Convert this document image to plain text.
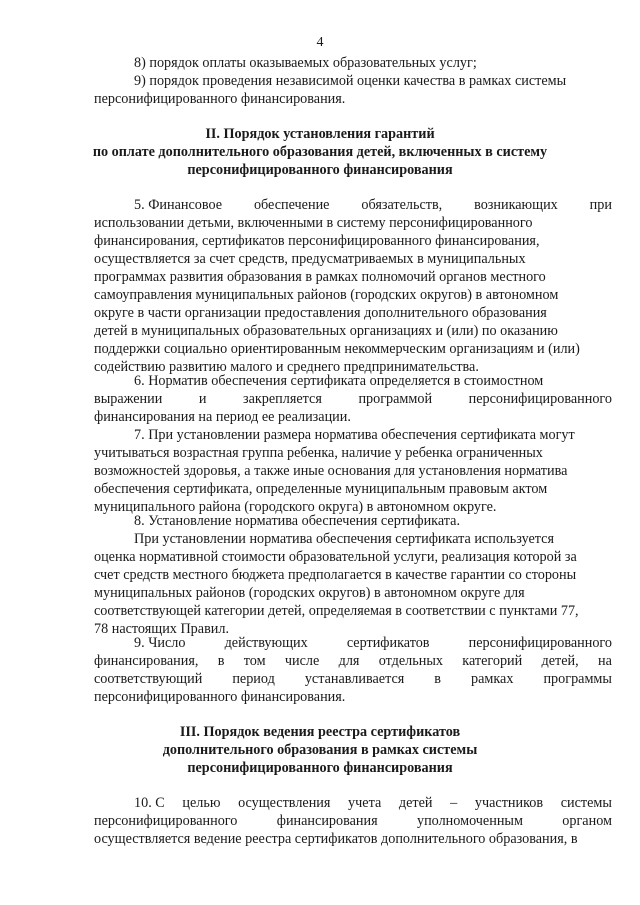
4
8) порядок оплаты оказываемых образовательных услуг;
9) порядок проведения независимой оценки качества в рамках системы
персонифицированного финансирования.
II. Порядок установления гарантий
по оплате дополнительного образования детей, включенных в систему
персонифицированного финансирования
5. Финансовое обеспечение обязательств, возникающих при
использовании детьми, включенными в систему персонифицированного
финансирования, сертификатов персонифицированного финансирования,
осуществляется за счет средств, предусматриваемых в муниципальных
программах развития образования в рамках полномочий органов местного
самоуправления муниципальных районов (городских округов) в автономном
округе в части организации предоставления дополнительного образования
детей в муниципальных образовательных организациях и (или) по оказанию
поддержки социально ориентированным некоммерческим организациям и (или)
содействию развитию малого и среднего предпринимательства.
6. Норматив обеспечения сертификата определяется в стоимостном
выражении	и	закрепляется	программой	персонифицированного
финансирования на период ее реализации.
7. При установлении размера норматива обеспечения сертификата могут
учитываться возрастная группа ребенка, наличие у ребенка ограниченных
возможностей здоровья, а также иные основания для установления норматива
обеспечения сертификата, определенные муниципальным правовым актом
муниципального района (городского округа) в автономном округе.
8. Установление норматива обеспечения сертификата.
При установлении норматива обеспечения сертификата используется
оценка нормативной стоимости образовательной услуги, реализация которой за
счет средств местного бюджета предполагается в качестве гарантии со стороны
муниципальных районов (городских округов) в автономном округе для
соответствующей категории детей, определяемая в соответствии с пунктами 77,
78 настоящих Правил.
9. Число	действующих	сертификатов	персонифицированного
финансирования, в том числе для отдельных категорий детей, на
соответствующий период устанавливается в рамках программы
персонифицированного финансирования.
III. Порядок ведения реестра сертификатов
дополнительного образования в рамках системы
персонифицированного финансирования
10. С целью осуществления учета детей – участников системы
персонифицированного	финансирования	уполномоченным	органом
осуществляется ведение реестра сертификатов дополнительного образования, в
